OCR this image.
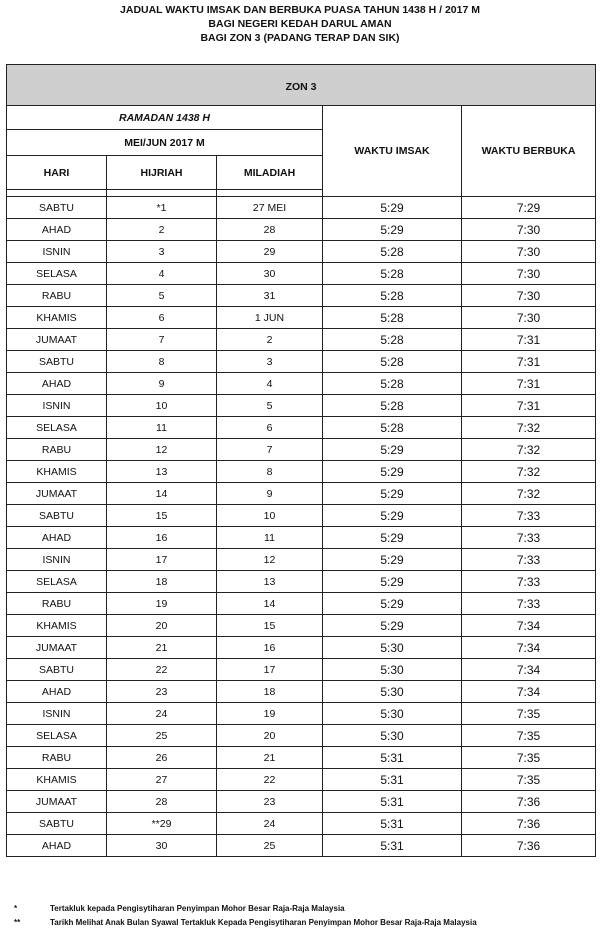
JADUAL WAKTU IMSAK DAN BERBUKA PUASA TAHUN 1438 H / 2017 M
BAGI NEGERI KEDAH DARUL AMAN
BAGI ZON 3 (PADANG TERAP DAN SIK)
ZON 3				
RAMADAN 1438 H			WAKTU IMSAK	WAKTU BERBUKA
MEI/JUN 2017 M				
HARI	HIJRIAH	MILADIAH		

SABTU	*1	27 MEI	5:29	7:29
AHAD	2	28	5:29	7:30
ISNIN	3	29	5:28	7:30
SELASA	4	30	5:28	7:30
RABU	5	31	5:28	7:30
KHAMIS	6	1 JUN	5:28	7:30
JUMAAT	7	2	5:28	7:31
SABTU	8	3	5:28	7:31
AHAD	9	4	5:28	7:31
ISNIN	10	5	5:28	7:31
SELASA	11	6	5:28	7:32
RABU	12	7	5:29	7:32
KHAMIS	13	8	5:29	7:32
JUMAAT	14	9	5:29	7:32
SABTU	15	10	5:29	7:33
AHAD	16	11	5:29	7:33
ISNIN	17	12	5:29	7:33
SELASA	18	13	5:29	7:33
RABU	19	14	5:29	7:33
KHAMIS	20	15	5:29	7:34
JUMAAT	21	16	5:30	7:34
SABTU	22	17	5:30	7:34
AHAD	23	18	5:30	7:34
ISNIN	24	19	5:30	7:35
SELASA	25	20	5:30	7:35
RABU	26	21	5:31	7:35
KHAMIS	27	22	5:31	7:35
JUMAAT	28	23	5:31	7:36
SABTU	**29	24	5:31	7:36
AHAD	30	25	5:31	7:36
*	Tertakluk kepada Pengisytiharan Penyimpan Mohor Besar Raja-Raja Malaysia
**	Tarikh Melihat Anak Bulan Syawal Tertakluk Kepada Pengisytiharan Penyimpan Mohor Besar Raja-Raja Malaysia
